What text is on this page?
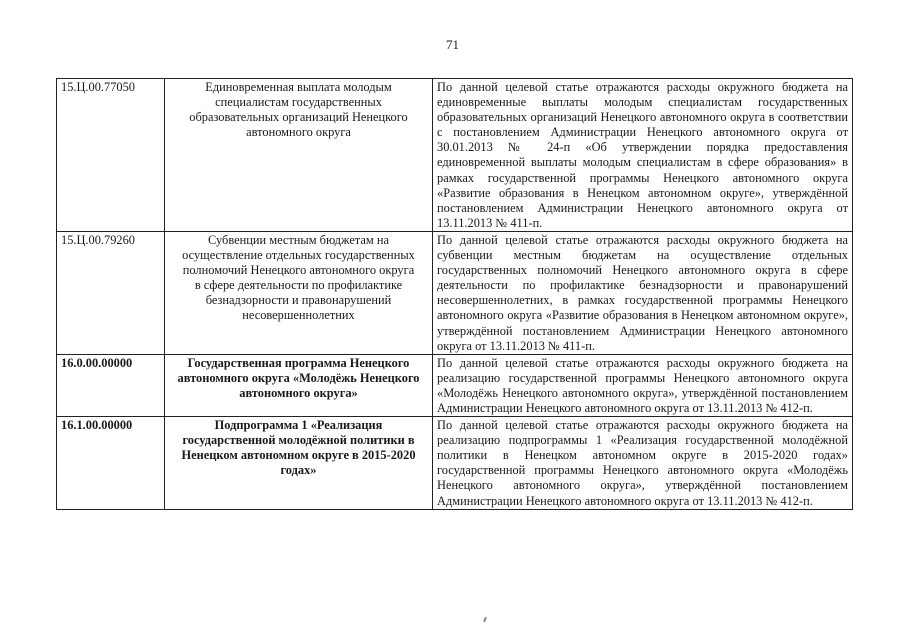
71
15.Ц.00.77050	Единовременная выплата молодым специалистам государственных образовательных организаций Ненецкого автономного округа	По данной целевой статье отражаются расходы окружного бюджета на единовременные выплаты молодым специалистам государственных образовательных организаций Ненецкого автономного округа в соответствии с постановлением Администрации Ненецкого автономного округа от 30.01.2013 № 24-п «Об утверждении порядка предоставления единовременной выплаты молодым специалистам в сфере образования» в рамках государственной программы Ненецкого автономного округа «Развитие образования в Ненецком автономном округе», утверждённой постановлением Администрации Ненецкого автономного округа от 13.11.2013 № 411-п.
15.Ц.00.79260	Субвенции местным бюджетам на осуществление отдельных государственных полномочий Ненецкого автономного округа в сфере деятельности по профилактике безнадзорности и правонарушений несовершеннолетних	По данной целевой статье отражаются расходы окружного бюджета на субвенции местным бюджетам на осуществление отдельных государственных полномочий Ненецкого автономного округа в сфере деятельности по профилактике безнадзорности и правонарушений несовершеннолетних, в рамках государственной программы Ненецкого автономного округа «Развитие образования в Ненецком автономном округе», утверждённой постановлением Администрации Ненецкого автономного округа от 13.11.2013 № 411-п.
16.0.00.00000	Государственная программа Ненецкого автономного округа «Молодёжь Ненецкого автономного округа»	По данной целевой статье отражаются расходы окружного бюджета на реализацию государственной программы Ненецкого автономного округа «Молодёжь Ненецкого автономного округа», утверждённой постановлением Администрации Ненецкого автономного округа от 13.11.2013 № 412-п.
16.1.00.00000	Подпрограмма 1 «Реализация государственной молодёжной политики в Ненецком автономном округе в 2015-2020 годах»	По данной целевой статье отражаются расходы окружного бюджета на реализацию подпрограммы 1 «Реализация государственной молодёжной политики в Ненецком автономном округе в 2015-2020 годах» государственной программы Ненецкого автономного округа «Молодёжь Ненецкого автономного округа», утверждённой постановлением Администрации Ненецкого автономного округа от 13.11.2013 № 412-п.
